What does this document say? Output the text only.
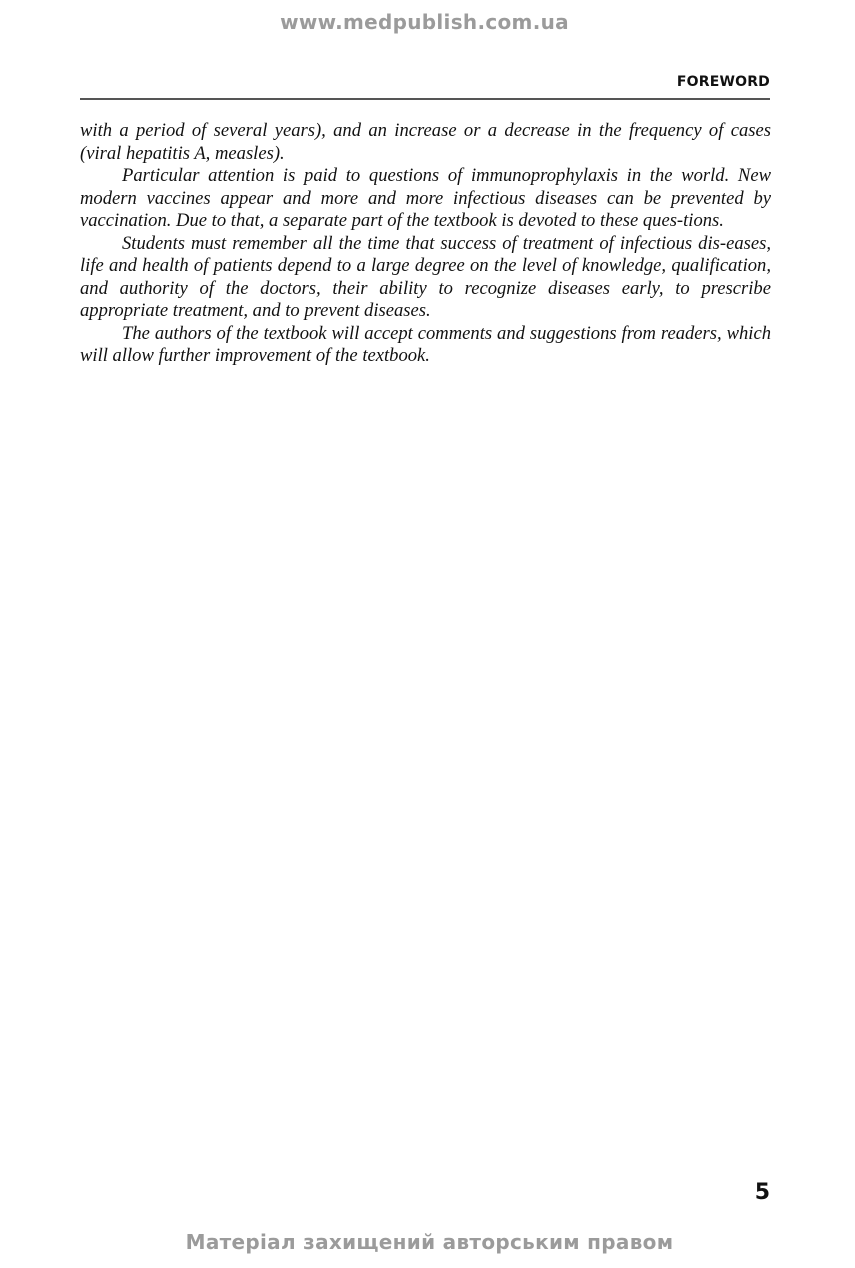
www.medpublish.com.ua
FOREWORD

with a period of several years), and an increase or a decrease in the frequency of cases (viral hepatitis A, measles).

Particular attention is paid to questions of immunoprophylaxis in the world. New modern vaccines appear and more and more infectious diseases can be prevented by vaccination. Due to that, a separate part of the textbook is devoted to these ques-tions.

Students must remember all the time that success of treatment of infectious dis-eases, life and health of patients depend to a large degree on the level of knowledge, qualification, and authority of the doctors, their ability to recognize diseases early, to prescribe appropriate treatment, and to prevent diseases.

The authors of the textbook will accept comments and suggestions from readers, which will allow further improvement of the textbook.

5
Матеріал захищений авторським правом
